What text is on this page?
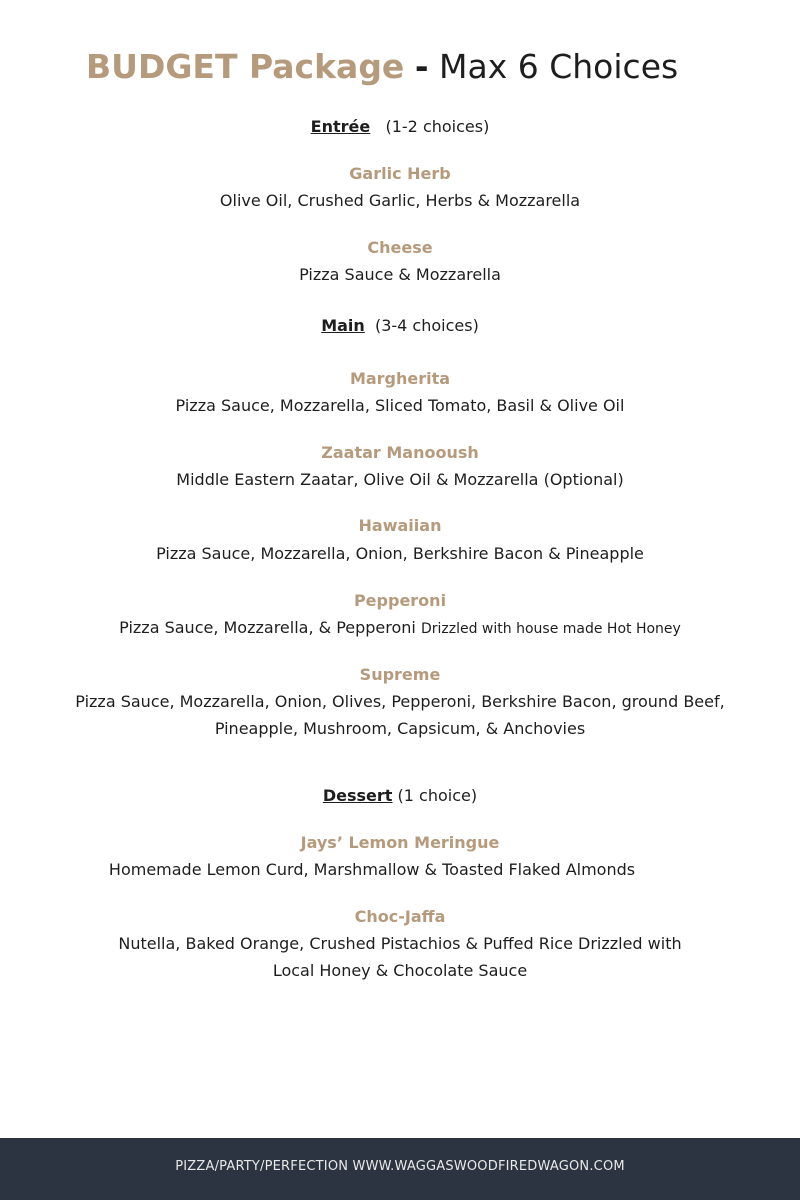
BUDGET Package - Max 6 Choices
Entrée (1-2 choices)
Garlic Herb
Olive Oil, Crushed Garlic, Herbs & Mozzarella
Cheese
Pizza Sauce & Mozzarella
Main (3-4 choices)
Margherita
Pizza Sauce, Mozzarella, Sliced Tomato, Basil & Olive Oil
Zaatar Manooush
Middle Eastern Zaatar, Olive Oil & Mozzarella (Optional)
Hawaiian
Pizza Sauce, Mozzarella, Onion, Berkshire Bacon & Pineapple
Pepperoni
Pizza Sauce, Mozzarella, & Pepperoni Drizzled with house made Hot Honey
Supreme
Pizza Sauce, Mozzarella, Onion, Olives, Pepperoni, Berkshire Bacon, ground Beef,
Pineapple, Mushroom, Capsicum, & Anchovies
Dessert (1 choice)
Jays’ Lemon Meringue
Homemade Lemon Curd, Marshmallow & Toasted Flaked Almonds
Choc-Jaffa
Nutella, Baked Orange, Crushed Pistachios & Puffed Rice Drizzled with
Local Honey & Chocolate Sauce
PIZZA/PARTY/PERFECTION WWW.WAGGASWOODFIREDWAGON.COM
